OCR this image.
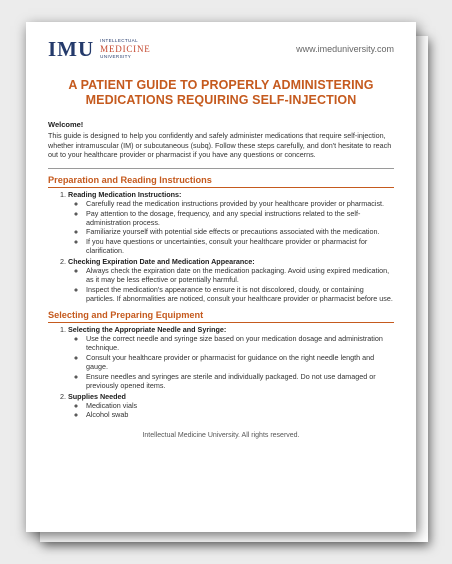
IMU INTELLECTUAL
MEDICINE
UNIVERSITY
www.imeduniversity.com
A PATIENT GUIDE TO PROPERLY ADMINISTERING
MEDICATIONS REQUIRING SELF-INJECTION
Welcome!
This guide is designed to help you confidently and safely administer medications that require self-injection, whether intramuscular (IM) or subcutaneous (subq). Follow these steps carefully, and don't hesitate to reach out to your healthcare provider or pharmacist if you have any questions or concerns.
Preparation and Reading Instructions
1. Reading Medication Instructions:
◦ Carefully read the medication instructions provided by your healthcare provider or pharmacist.
◦ Pay attention to the dosage, frequency, and any special instructions related to the self-administration process.
◦ Familiarize yourself with potential side effects or precautions associated with the medication.
◦ If you have questions or uncertainties, consult your healthcare provider or pharmacist for clarification.
2. Checking Expiration Date and Medication Appearance:
◦ Always check the expiration date on the medication packaging. Avoid using expired medication, as it may be less effective or potentially harmful.
◦ Inspect the medication's appearance to ensure it is not discolored, cloudy, or containing particles. If abnormalities are noticed, consult your healthcare provider or pharmacist before use.
Selecting and Preparing Equipment
1. Selecting the Appropriate Needle and Syringe:
◦ Use the correct needle and syringe size based on your medication dosage and administration technique.
◦ Consult your healthcare provider or pharmacist for guidance on the right needle length and gauge.
◦ Ensure needles and syringes are sterile and individually packaged. Do not use damaged or previously opened items.
2. Supplies Needed
◦ Medication vials
◦ Alcohol swab
Intellectual Medicine University. All rights reserved.
